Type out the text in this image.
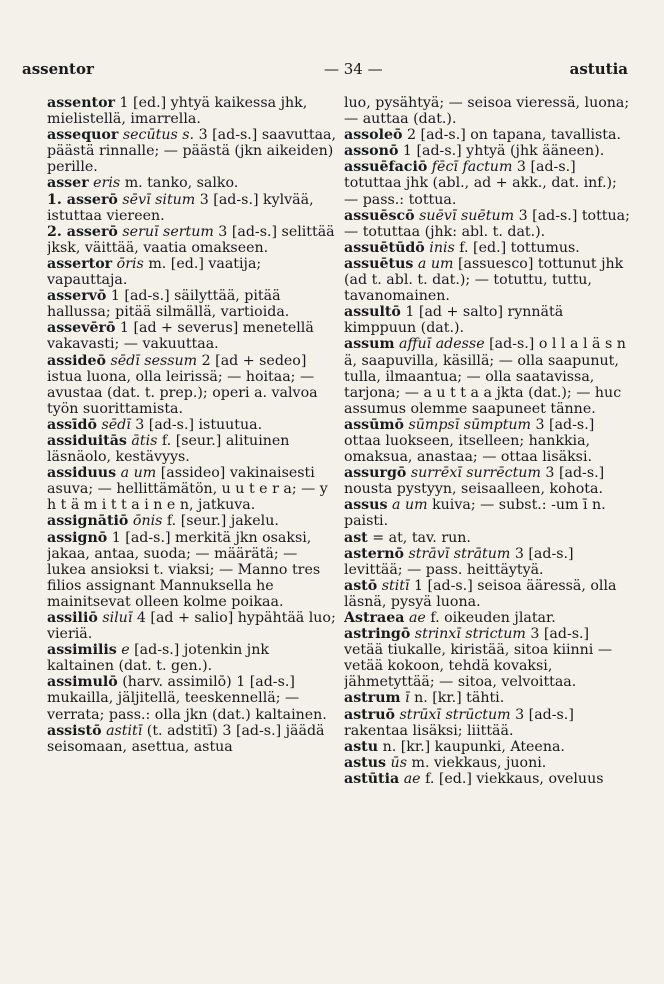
assentor	— 34 —	astutia

assentor 1 [ed.] yhtyä kaikessa jhk, mielistellä, imarrella.

assequor secūtus s. 3 [ad-s.] saavuttaa, päästä rinnalle; — päästä (jkn aikeiden) perille.

asser eris m. tanko, salko.

1. asserō sēvī situm 3 [ad-s.] kylvää, istuttaa viereen.

2. asserō seruī sertum 3 [ad-s.] selittää jksk, väittää, vaatia omakseen.

assertor ōris m. [ed.] vaatija; vapauttaja.

asservō 1 [ad-s.] säilyttää, pitää hallussa; pitää silmällä, vartioida.

assevērō 1 [ad + severus] menetellä vakavasti; — vakuuttaa.

assideō sēdī sessum 2 [ad + sedeo] istua luona, olla leirissä; — hoitaa; — avustaa (dat. t. prep.); operi a. valvoa työn suorittamista.

assīdō sēdī 3 [ad-s.] istuutua.

assiduitās ātis f. [seur.] alituinen läsnäolo, kestävyys.

assiduus a um [assideo] vakinaisesti asuva; — hellittämätön, u u t e r a; — y h t ä m i t t a i n e n, jatkuva.

assignātiō ōnis f. [seur.] jakelu.

assignō 1 [ad-s.] merkitä jkn osaksi, jakaa, antaa, suoda; — määrätä; — lukea ansioksi t. viaksi; — Manno tres filios assignant Mannuksella he mainitsevat olleen kolme poikaa.

assiliō siluī 4 [ad + salio] hypähtää luo; vieriä.

assimilis e [ad-s.] jotenkin jnk kaltainen (dat. t. gen.).

assimulō (harv. assimilō) 1 [ad-s.] mukailla, jäljitellä, teeskennellä; — verrata; pass.: olla jkn (dat.) kaltainen.

assistō astitī (t. adstitī) 3 [ad-s.] jäädä seisomaan, asettua, astua

luo, pysähtyä; — seisoa vieressä, luona; — auttaa (dat.).

assoleō 2 [ad-s.] on tapana, tavallista.

assonō 1 [ad-s.] yhtyä (jhk ääneen).

assuēfaciō fēcī factum 3 [ad-s.] totuttaa jhk (abl., ad + akk., dat. inf.); — pass.: tottua.

assuēscō suēvī suētum 3 [ad-s.] tottua; — totuttaa (jhk: abl. t. dat.).

assuētūdō inis f. [ed.] tottumus.

assuētus a um [assuesco] tottunut jhk (ad t. abl. t. dat.); — totuttu, tuttu, tavanomainen.

assultō 1 [ad + salto] rynnätä kimppuun (dat.).

assum affuī adesse [ad-s.] o l l a l ä s n ä, saapuvilla, käsillä; — olla saapunut, tulla, ilmaantua; — olla saatavissa, tarjona; — a u t t a a jkta (dat.); — huc assumus olemme saapuneet tänne.

assūmō sūmpsī sūmptum 3 [ad-s.] ottaa luokseen, itselleen; hankkia, omaksua, anastaa; — ottaa lisäksi.

assurgō surrēxī surrēctum 3 [ad-s.] nousta pystyyn, seisaalleen, kohota.

assus a um kuiva; — subst.: -um ī n. paisti.

ast = at, tav. run.

asternō strāvī strātum 3 [ad-s.] levittää; — pass. heittäytyä.

astō stitī 1 [ad-s.] seisoa ääressä, olla läsnä, pysyä luona.

Astraea ae f. oikeuden jlatar.

astringō strinxī strictum 3 [ad-s.] vetää tiukalle, kiristää, sitoa kiinni — vetää kokoon, tehdä kovaksi, jähmetyttää; — sitoa, velvoittaa.

astrum ī n. [kr.] tähti.

astruō strūxī strūctum 3 [ad-s.] rakentaa lisäksi; liittää.

astu n. [kr.] kaupunki, Ateena.

astus ūs m. viekkaus, juoni.

astūtia ae f. [ed.] viekkaus, oveluus
